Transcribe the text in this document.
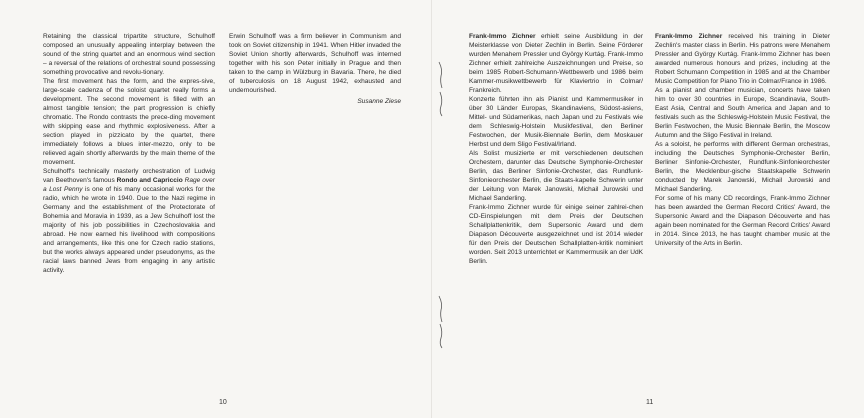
Retaining the classical tripartite structure, Schulhoff composed an unusually appealing interplay between the sound of the string quartet and an enormous wind section – a reversal of the relations of orchestral sound possessing something provocative and revolu-tionary.

The first movement has the form, and the expres-sive, large-scale cadenza of the soloist quartet really forms a development. The second movement is filled with an almost tangible tension; the part progression is chiefly chromatic. The Rondo contrasts the prece-ding movement with skipping ease and rhythmic explosiveness. After a section played in pizzicato by the quartet, there immediately follows a blues inter-mezzo, only to be relieved again shortly afterwards by the main theme of the movement.

Schulhoff's technically masterly orchestration of Ludwig van Beethoven's famous Rondo and Capriccio Rage over a Lost Penny is one of his many occasional works for the radio, which he wrote in 1940. Due to the Nazi regime in Germany and the establishment of the Protectorate of Bohemia and Moravia in 1939, as a Jew Schulhoff lost the majority of his job possibilities in Czechoslovakia and abroad. He now earned his livelihood with compositions and arrangements, like this one for Czech radio stations, but the works always appeared under pseudonyms, as the racial laws banned Jews from engaging in any artistic activity.

Erwin Schulhoff was a firm believer in Communism and took on Soviet citizenship in 1941. When Hitler invaded the Soviet Union shortly afterwards, Schulhoff was interned together with his son Peter initially in Prague and then taken to the camp in Wülzburg in Bavaria. There, he died of tuberculosis on 18 August 1942, exhausted and undernourished.

Susanne Ziese

10

Frank-Immo Zichner erhielt seine Ausbildung in der Meisterklasse von Dieter Zechlin in Berlin. Seine Förderer wurden Menahem Pressler und György Kurtág. Frank-Immo Zichner erhielt zahlreiche Auszeichnungen und Preise, so beim 1985 Robert-Schumann-Wettbewerb und 1986 beim Kammer-musikwettbewerb für Klaviertrio in Colmar/ Frankreich.

Konzerte führten ihn als Pianist und Kammermusiker in über 30 Länder Europas, Skandinaviens, Südost-asiens, Mittel- und Südamerikas, nach Japan und zu Festivals wie dem Schleswig-Holstein Musikfestival, den Berliner Festwochen, der Musik-Biennale Berlin, dem Moskauer Herbst und dem Sligo Festival/Irland.

Als Solist musizierte er mit verschiedenen deutschen Orchestern, darunter das Deutsche Symphonie-Orchester Berlin, das Berliner Sinfonie-Orchester, das Rundfunk-Sinfonieorchester Berlin, die Staats-kapelle Schwerin unter der Leitung von Marek Janowski, Michail Jurowski und Michael Sanderling.

Frank-Immo Zichner wurde für einige seiner zahlrei-chen CD-Einspielungen mit dem Preis der Deutschen Schallplattenkritik, dem Supersonic Award und dem Diapason Découverte ausgezeichnet und ist 2014 wieder für den Preis der Deutschen Schallplatten-kritik nominiert worden. Seit 2013 unterrichtet er Kammermusik an der UdK Berlin.

Frank-Immo Zichner received his training in Dieter Zechlin's master class in Berlin. His patrons were Menahem Pressler and György Kurtág. Frank-Immo Zichner has been awarded numerous honours and prizes, including at the Robert Schumann Competition in 1985 and at the Chamber Music Competition for Piano Trio in Colmar/France in 1986.

As a pianist and chamber musician, concerts have taken him to over 30 countries in Europe, Scandinavia, South-East Asia, Central and South America and Japan and to festivals such as the Schleswig-Holstein Music Festival, the Berlin Festwochen, the Music Biennale Berlin, the Moscow Autumn and the Sligo Festival in Ireland.

As a soloist, he performs with different German orchestras, including the Deutsches Symphonie-Orchester Berlin, Berliner Sinfonie-Orchester, Rundfunk-Sinfonieorchester Berlin, the Mecklenbur-gische Staatskapelle Schwerin conducted by Marek Janowski, Michail Jurowski and Michael Sanderling.

For some of his many CD recordings, Frank-Immo Zichner has been awarded the German Record Critics' Award, the Supersonic Award and the Diapason Découverte and has again been nominated for the German Record Critics' Award in 2014. Since 2013, he has taught chamber music at the University of the Arts in Berlin.

11
